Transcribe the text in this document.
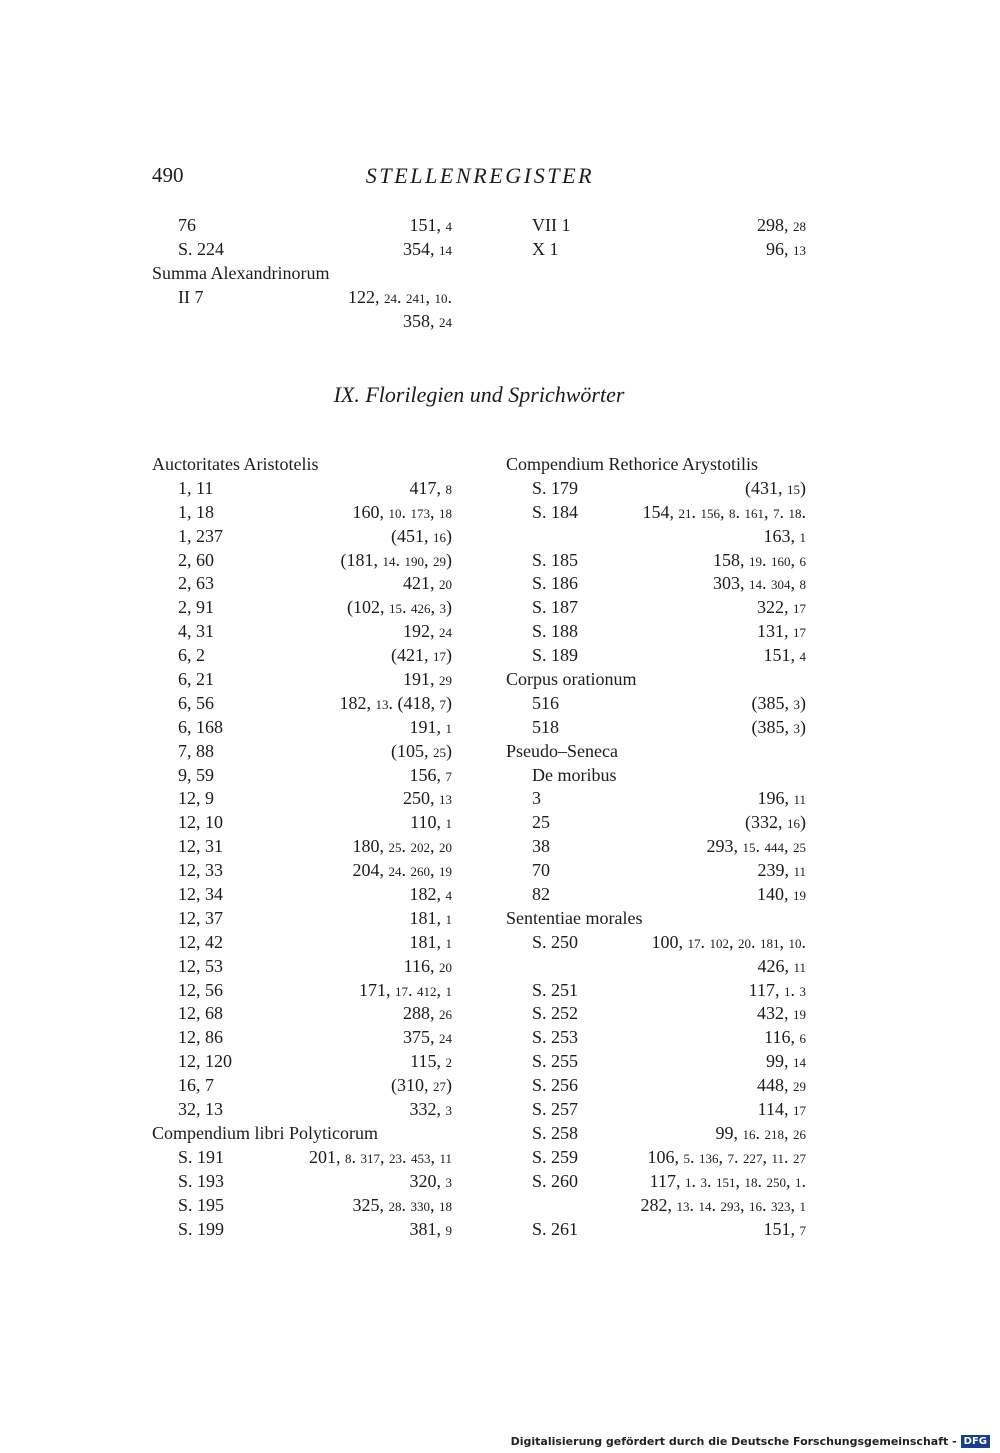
490	STELLENREGISTER
76	151, 4
S. 224	354, 14
Summa Alexandrinorum
II 7	122, 24. 241, 10.
358, 24
VII 1	298, 28
X 1	96, 13
IX. Florilegien und Sprichwörter
Auctoritates Aristotelis
1, 11	417, 8
1, 18	160, 10. 173, 18
1, 237	(451, 16)
2, 60	(181, 14. 190, 29)
2, 63	421, 20
2, 91	(102, 15. 426, 3)
4, 31	192, 24
6, 2	(421, 17)
6, 21	191, 29
6, 56	182, 13. (418, 7)
6, 168	191, 1
7, 88	(105, 25)
9, 59	156, 7
12, 9	250, 13
12, 10	110, 1
12, 31	180, 25. 202, 20
12, 33	204, 24. 260, 19
12, 34	182, 4
12, 37	181, 1
12, 42	181, 1
12, 53	116, 20
12, 56	171, 17. 412, 1
12, 68	288, 26
12, 86	375, 24
12, 120	115, 2
16, 7	(310, 27)
32, 13	332, 3
Compendium libri Polyticorum
S. 191	201, 8. 317, 23. 453, 11
S. 193	320, 3
S. 195	325, 28. 330, 18
S. 199	381, 9
Compendium Rethorice Arystotilis
S. 179	(431, 15)
S. 184	154, 21. 156, 8. 161, 7. 18.
163, 1
S. 185	158, 19. 160, 6
S. 186	303, 14. 304, 8
S. 187	322, 17
S. 188	131, 17
S. 189	151, 4
Corpus orationum
516	(385, 3)
518	(385, 3)
Pseudo–Seneca
De moribus
3	196, 11
25	(332, 16)
38	293, 15. 444, 25
70	239, 11
82	140, 19
Sententiae morales
S. 250	100, 17. 102, 20. 181, 10.
426, 11
S. 251	117, 1. 3
S. 252	432, 19
S. 253	116, 6
S. 255	99, 14
S. 256	448, 29
S. 257	114, 17
S. 258	99, 16. 218, 26
S. 259	106, 5. 136, 7. 227, 11. 27
S. 260	117, 1. 3. 151, 18. 250, 1.
282, 13. 14. 293, 16. 323, 1
S. 261	151, 7
Digitalisierung gefördert durch die Deutsche Forschungsgemeinschaft - DFG
